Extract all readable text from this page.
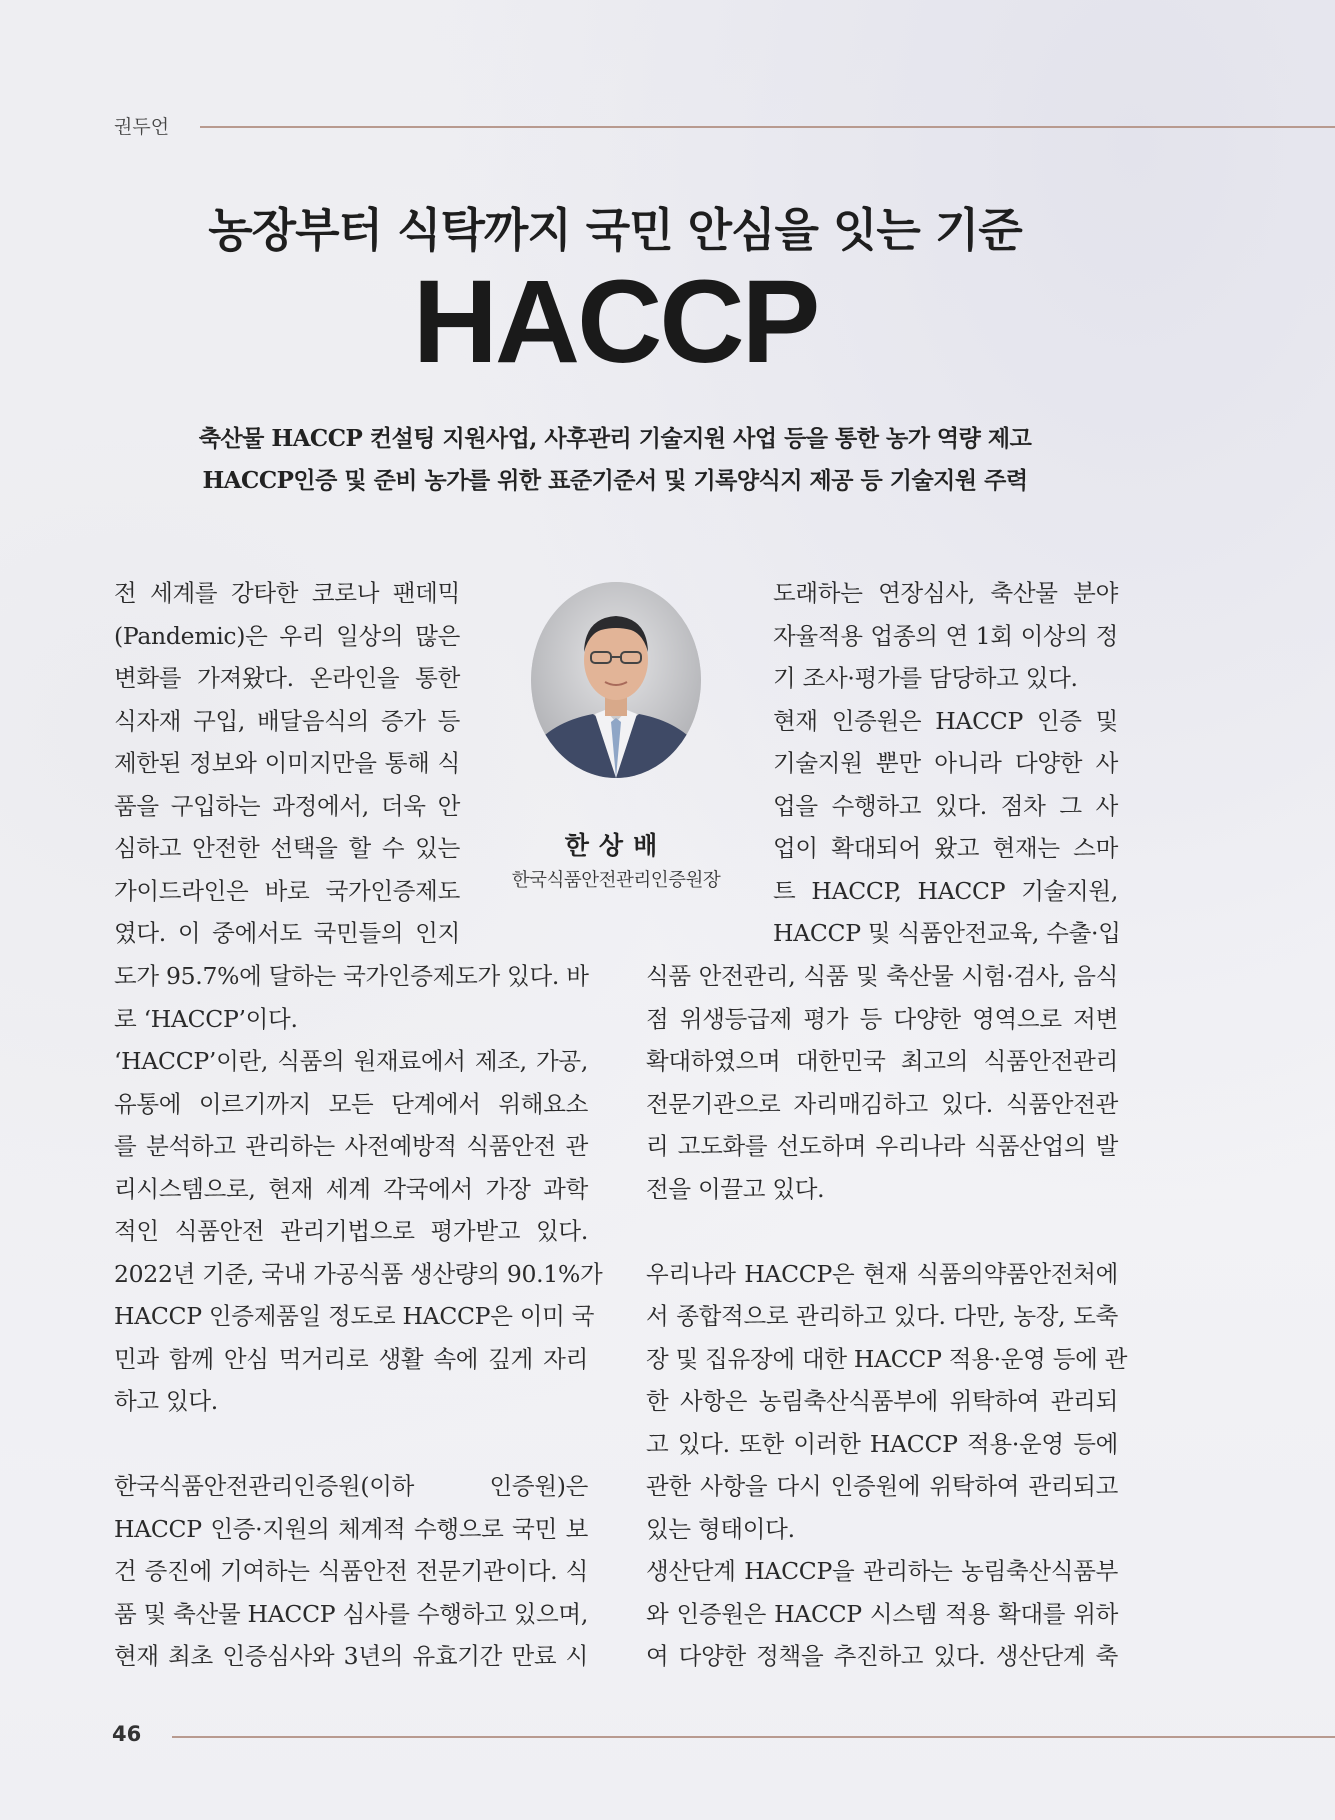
권두언
농장부터 식탁까지 국민 안심을 잇는 기준
HACCP
축산물 HACCP 컨설팅 지원사업, 사후관리 기술지원 사업 등을 통한 농가 역량 제고
HACCP인증 및 준비 농가를 위한 표준기준서 및 기록양식지 제공 등 기술지원 주력
전 세계를 강타한 코로나 팬데믹
(Pandemic)은 우리 일상의 많은
변화를 가져왔다. 온라인을 통한
식자재 구입, 배달음식의 증가 등
제한된 정보와 이미지만을 통해 식
품을 구입하는 과정에서, 더욱 안
심하고 안전한 선택을 할 수 있는
가이드라인은 바로 국가인증제도
였다. 이 중에서도 국민들의 인지
도가 95.7%에 달하는 국가인증제도가 있다. 바
로 ‘HACCP’이다.
‘HACCP’이란, 식품의 원재료에서 제조, 가공,
유통에 이르기까지 모든 단계에서 위해요소
를 분석하고 관리하는 사전예방적 식품안전 관
리시스템으로, 현재 세계 각국에서 가장 과학
적인 식품안전 관리기법으로 평가받고 있다.
2022년 기준, 국내 가공식품 생산량의 90.1%가
HACCP 인증제품일 정도로 HACCP은 이미 국
민과 함께 안심 먹거리로 생활 속에 깊게 자리
하고 있다.
한국식품안전관리인증원(이하 인증원)은
HACCP 인증·지원의 체계적 수행으로 국민 보
건 증진에 기여하는 식품안전 전문기관이다. 식
품 및 축산물 HACCP 심사를 수행하고 있으며,
현재 최초 인증심사와 3년의 유효기간 만료 시
한상배
한국식품안전관리인증원장
도래하는 연장심사, 축산물 분야
자율적용 업종의 연 1회 이상의 정
기 조사·평가를 담당하고 있다.
현재 인증원은 HACCP 인증 및
기술지원 뿐만 아니라 다양한 사
업을 수행하고 있다. 점차 그 사
업이 확대되어 왔고 현재는 스마
트 HACCP, HACCP 기술지원,
HACCP 및 식품안전교육, 수출·입
식품 안전관리, 식품 및 축산물 시험·검사, 음식
점 위생등급제 평가 등 다양한 영역으로 저변
확대하였으며 대한민국 최고의 식품안전관리
전문기관으로 자리매김하고 있다. 식품안전관
리 고도화를 선도하며 우리나라 식품산업의 발
전을 이끌고 있다.
우리나라 HACCP은 현재 식품의약품안전처에
서 종합적으로 관리하고 있다. 다만, 농장, 도축
장 및 집유장에 대한 HACCP 적용·운영 등에 관
한 사항은 농림축산식품부에 위탁하여 관리되
고 있다. 또한 이러한 HACCP 적용·운영 등에
관한 사항을 다시 인증원에 위탁하여 관리되고
있는 형태이다.
생산단계 HACCP을 관리하는 농림축산식품부
와 인증원은 HACCP 시스템 적용 확대를 위하
여 다양한 정책을 추진하고 있다. 생산단계 축
46
